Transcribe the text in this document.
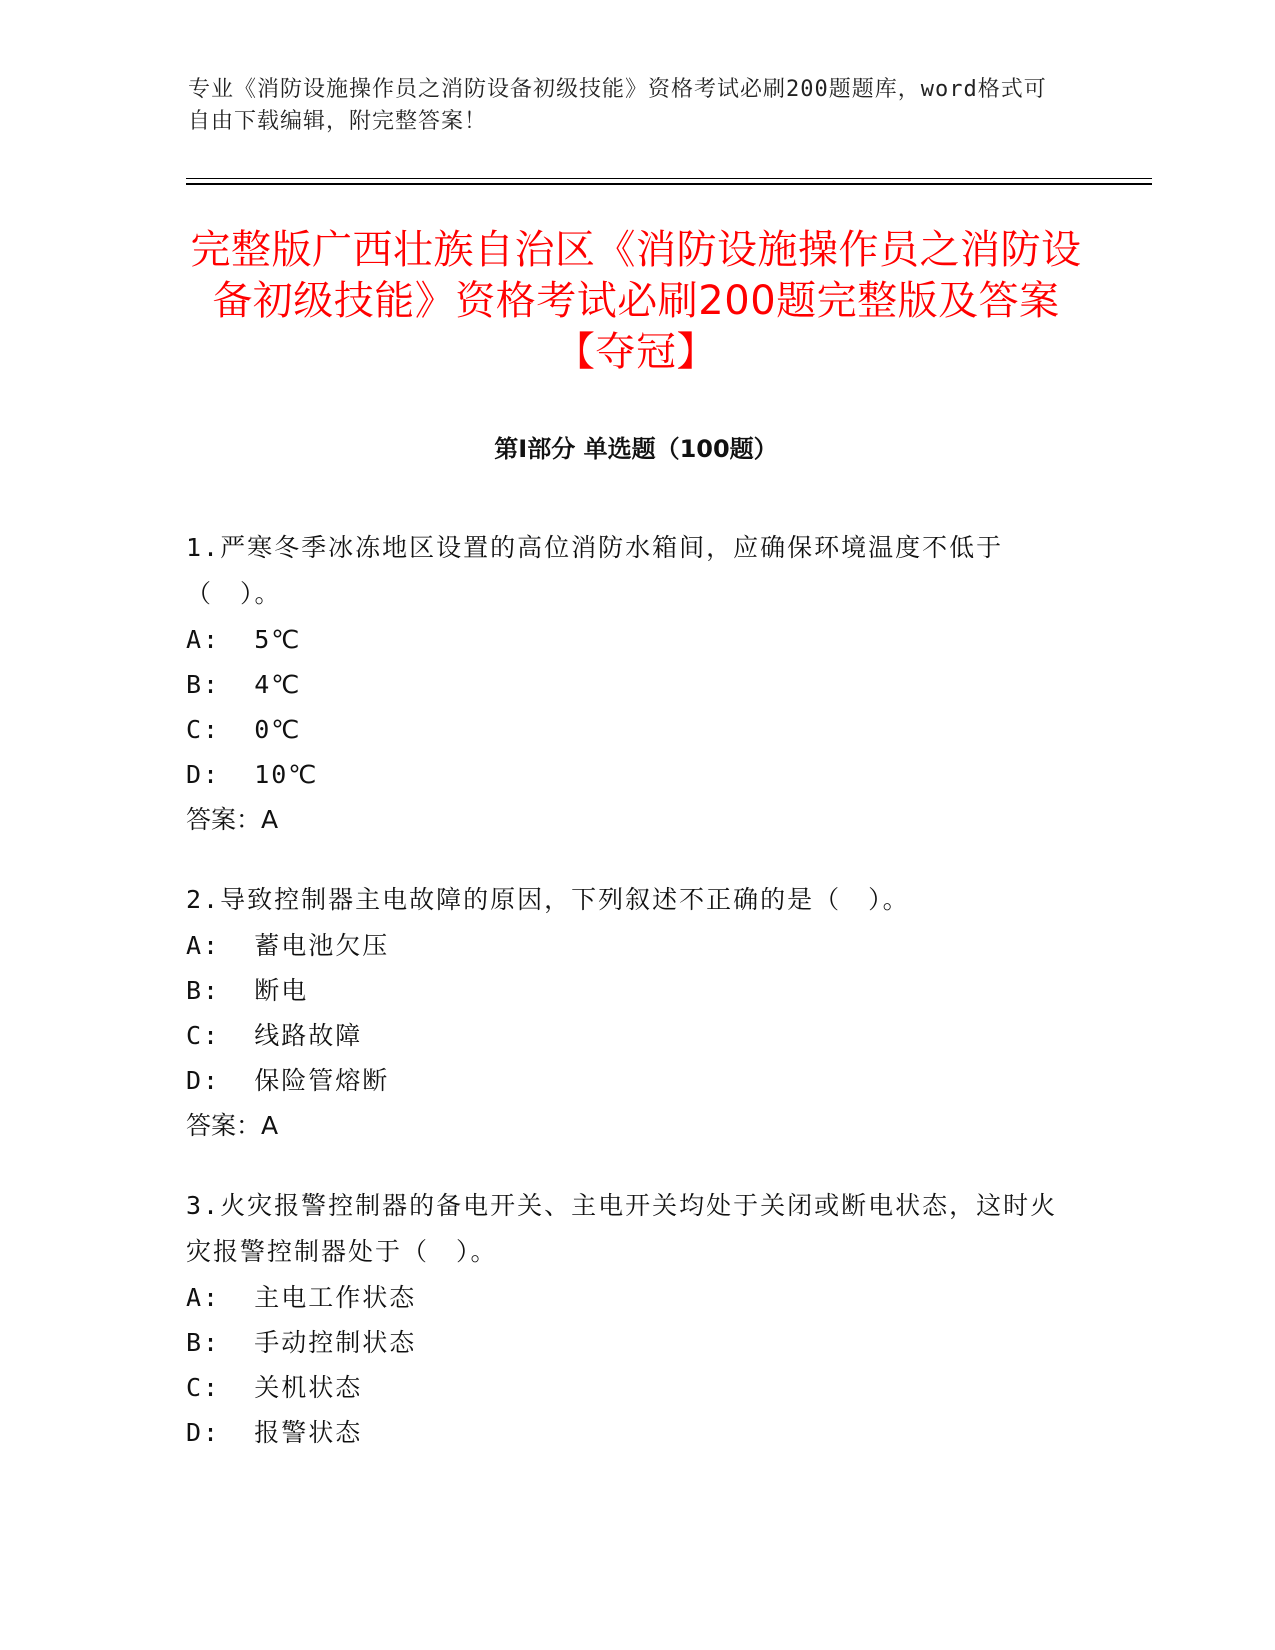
专业《消防设施操作员之消防设备初级技能》资格考试必刷200题题库，word格式可自由下载编辑，附完整答案！
完整版广西壮族自治区《消防设施操作员之消防设备初级技能》资格考试必刷200题完整版及答案【夺冠】
第I部分 单选题（100题）

1.严寒冬季冰冻地区设置的高位消防水箱间，应确保环境温度不低于（　）。

A:  5℃

B:  4℃

C:  0℃

D:  10℃

答案：A

2.导致控制器主电故障的原因，下列叙述不正确的是（　）。

A:  蓄电池欠压

B:  断电

C:  线路故障

D:  保险管熔断

答案：A

3.火灾报警控制器的备电开关、主电开关均处于关闭或断电状态，这时火灾报警控制器处于（　）。

A:  主电工作状态

B:  手动控制状态

C:  关机状态

D:  报警状态
